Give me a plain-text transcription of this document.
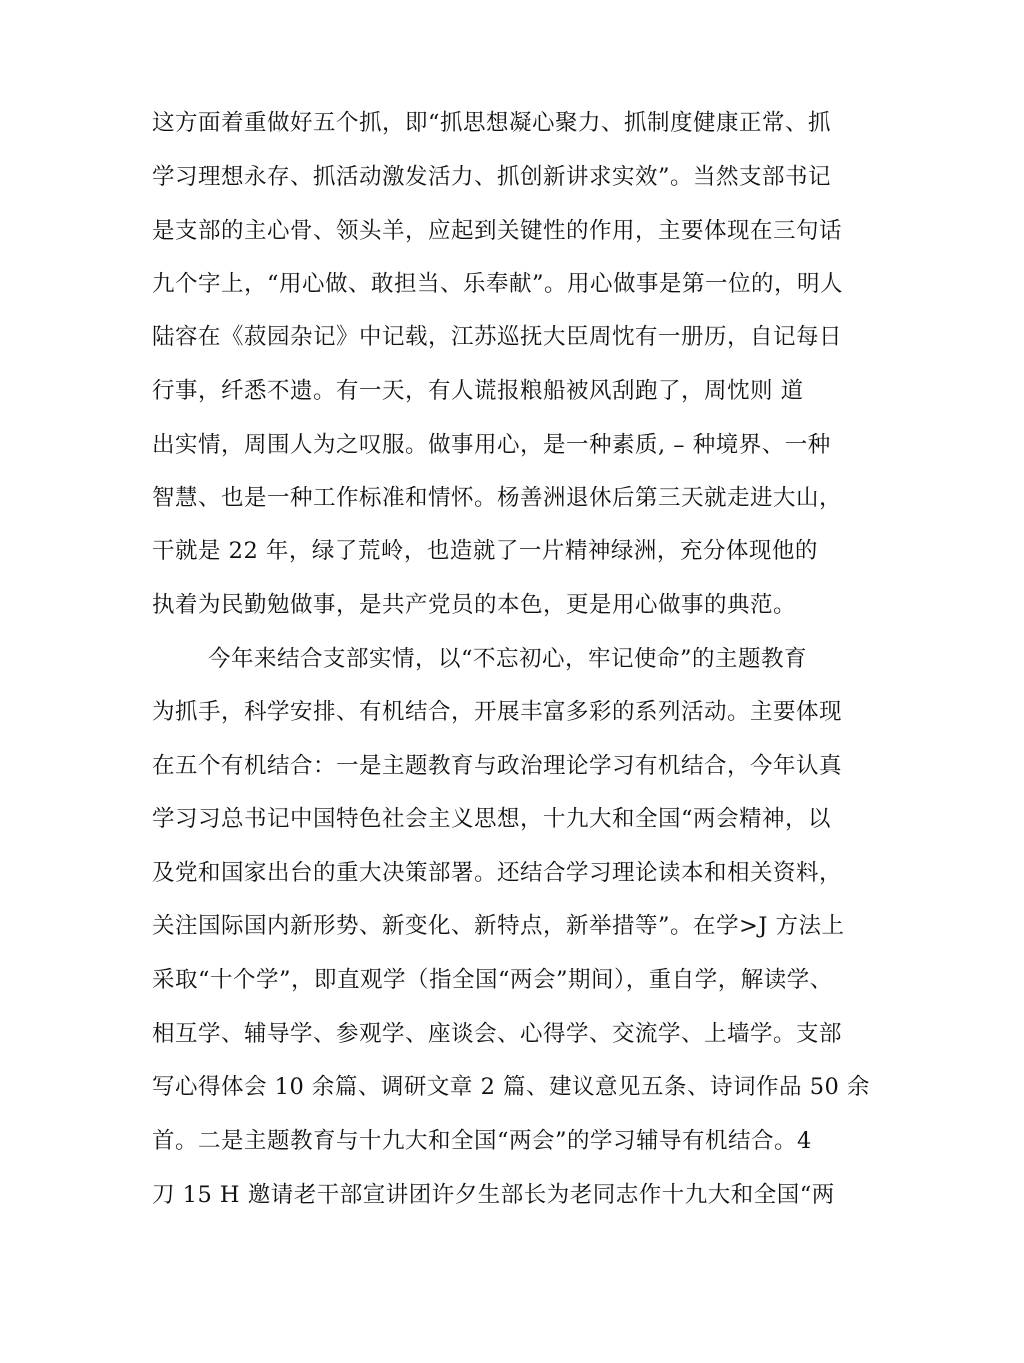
这方面着重做好五个抓，即“抓思想凝心聚力、抓制度健康正常、抓
学习理想永存、抓活动激发活力、抓创新讲求实效”。当然支部书记
是支部的主心骨、领头羊，应起到关键性的作用，主要体现在三句话
九个字上，“用心做、敢担当、乐奉献”。用心做事是第一位的，明人
陆容在《菽园杂记》中记载，江苏巡抚大臣周忱有一册历，自记每日
行事，纤悉不遗。有一天，有人谎报粮船被风刮跑了，周忱则 道
出实情，周围人为之叹服。做事用心，是一种素质, – 种境界、一种
智慧、也是一种工作标准和情怀。杨善洲退休后第三天就走进大山，
干就是 22 年，绿了荒岭，也造就了一片精神绿洲，充分体现他的
执着为民勤勉做事，是共产党员的本色，更是用心做事的典范。
今年来结合支部实情，以“不忘初心，牢记使命”的主题教育
为抓手，科学安排、有机结合，开展丰富多彩的系列活动。主要体现
在五个有机结合：一是主题教育与政治理论学习有机结合，今年认真
学习习总书记中国特色社会主义思想，十九大和全国“两会精神，以
及党和国家出台的重大决策部署。还结合学习理论读本和相关资料，
关注国际国内新形势、新变化、新特点，新举措等”。在学>J 方法上
采取“十个学”，即直观学（指全国“两会”期间），重自学，解读学、
相互学、辅导学、参观学、座谈会、心得学、交流学、上墙学。支部
写心得体会 10 余篇、调研文章 2 篇、建议意见五条、诗词作品 50 余
首。二是主题教育与十九大和全国“两会”的学习辅导有机结合。4
刀 15 H 邀请老干部宣讲团许夕生部长为老同志作十九大和全国“两
